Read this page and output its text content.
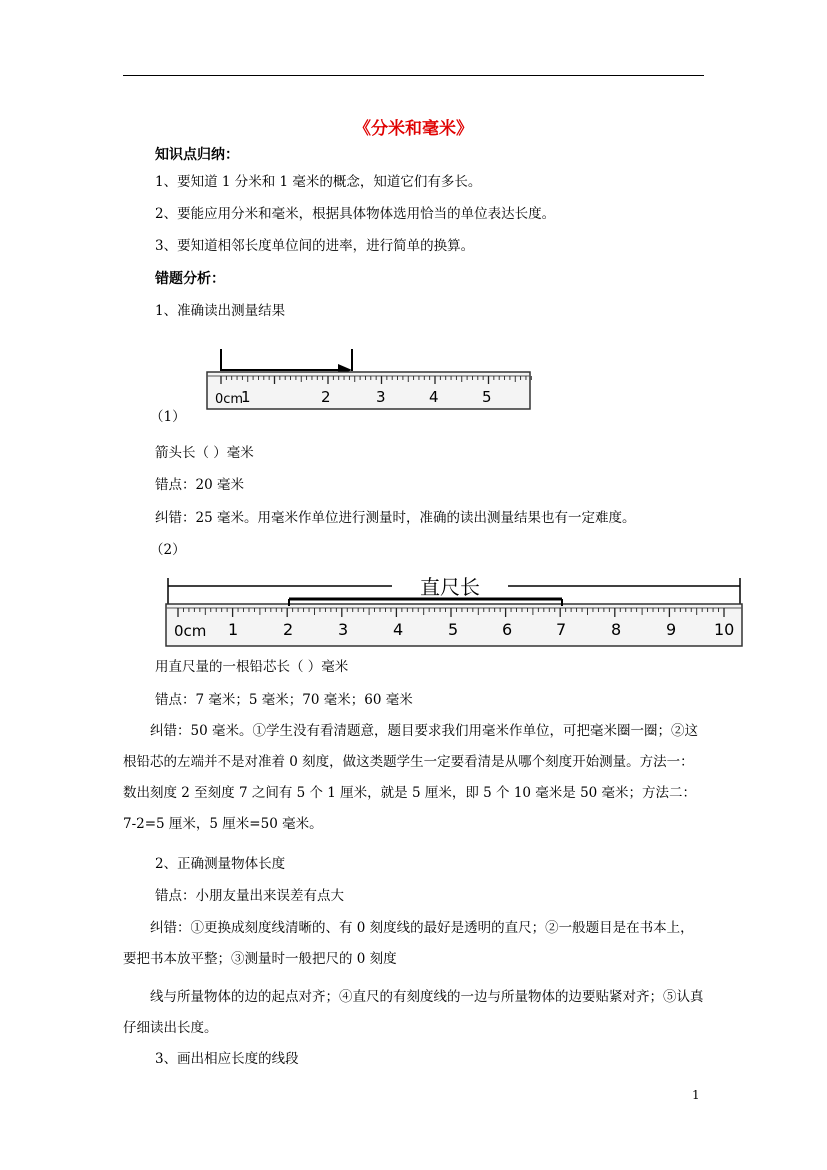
《分米和毫米》
知识点归纳：
1、要知道 1 分米和 1 毫米的概念，知道它们有多长。
2、要能应用分米和毫米，根据具体物体选用恰当的单位表达长度。
3、要知道相邻长度单位间的进率，进行简单的换算。
错题分析：
1、准确读出测量结果
0cm
1	2	3	4	5
（1）
箭头长（ ）毫米
错点：20 毫米
纠错：25 毫米。用毫米作单位进行测量时，准确的读出测量结果也有一定难度。
（2）
直尺长
0cm 1	2	3	4	5	6	7	8	9 10
用直尺量的一根铅芯长（ ）毫米
错点：7 毫米；5 毫米；70 毫米；60 毫米
纠错：50 毫米。①学生没有看清题意，题目要求我们用毫米作单位，可把毫米圈一圈；②这根铅芯的左端并不是对准着 0 刻度，做这类题学生一定要看清是从哪个刻度开始测量。方法一：数出刻度 2 至刻度 7 之间有 5 个 1 厘米，就是 5 厘米，即 5 个 10 毫米是 50 毫米；方法二：7-2=5 厘米，5 厘米=50 毫米。
2、正确测量物体长度
错点：小朋友量出来误差有点大
纠错：①更换成刻度线清晰的、有 0 刻度线的最好是透明的直尺；②一般题目是在书本上，要把书本放平整；③测量时一般把尺的 0 刻度
线与所量物体的边的起点对齐；④直尺的有刻度线的一边与所量物体的边要贴紧对齐；⑤认真仔细读出长度。
3、画出相应长度的线段
1
